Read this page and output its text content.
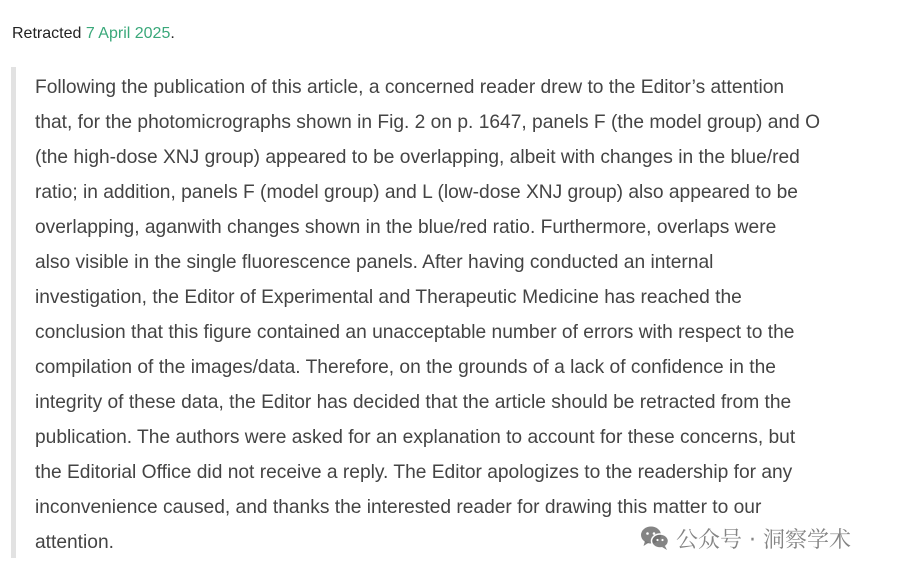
Retracted 7 April 2025.

Following the publication of this article, a concerned reader drew to the Editor’s attention
that, for the photomicrographs shown in Fig. 2 on p. 1647, panels F (the model group) and O
(the high-dose XNJ group) appeared to be overlapping, albeit with changes in the blue/red
ratio; in addition, panels F (model group) and L (low-dose XNJ group) also appeared to be
overlapping, aganwith changes shown in the blue/red ratio. Furthermore, overlaps were
also visible in the single fluorescence panels. After having conducted an internal
investigation, the Editor of Experimental and Therapeutic Medicine has reached the
conclusion that this figure contained an unacceptable number of errors with respect to the
compilation of the images/data. Therefore, on the grounds of a lack of confidence in the
integrity of these data, the Editor has decided that the article should be retracted from the
publication. The authors were asked for an explanation to account for these concerns, but
the Editorial Office did not receive a reply. The Editor apologizes to the readership for any
inconvenience caused, and thanks the interested reader for drawing this matter to our
attention.	公众号 · 洞察学术
